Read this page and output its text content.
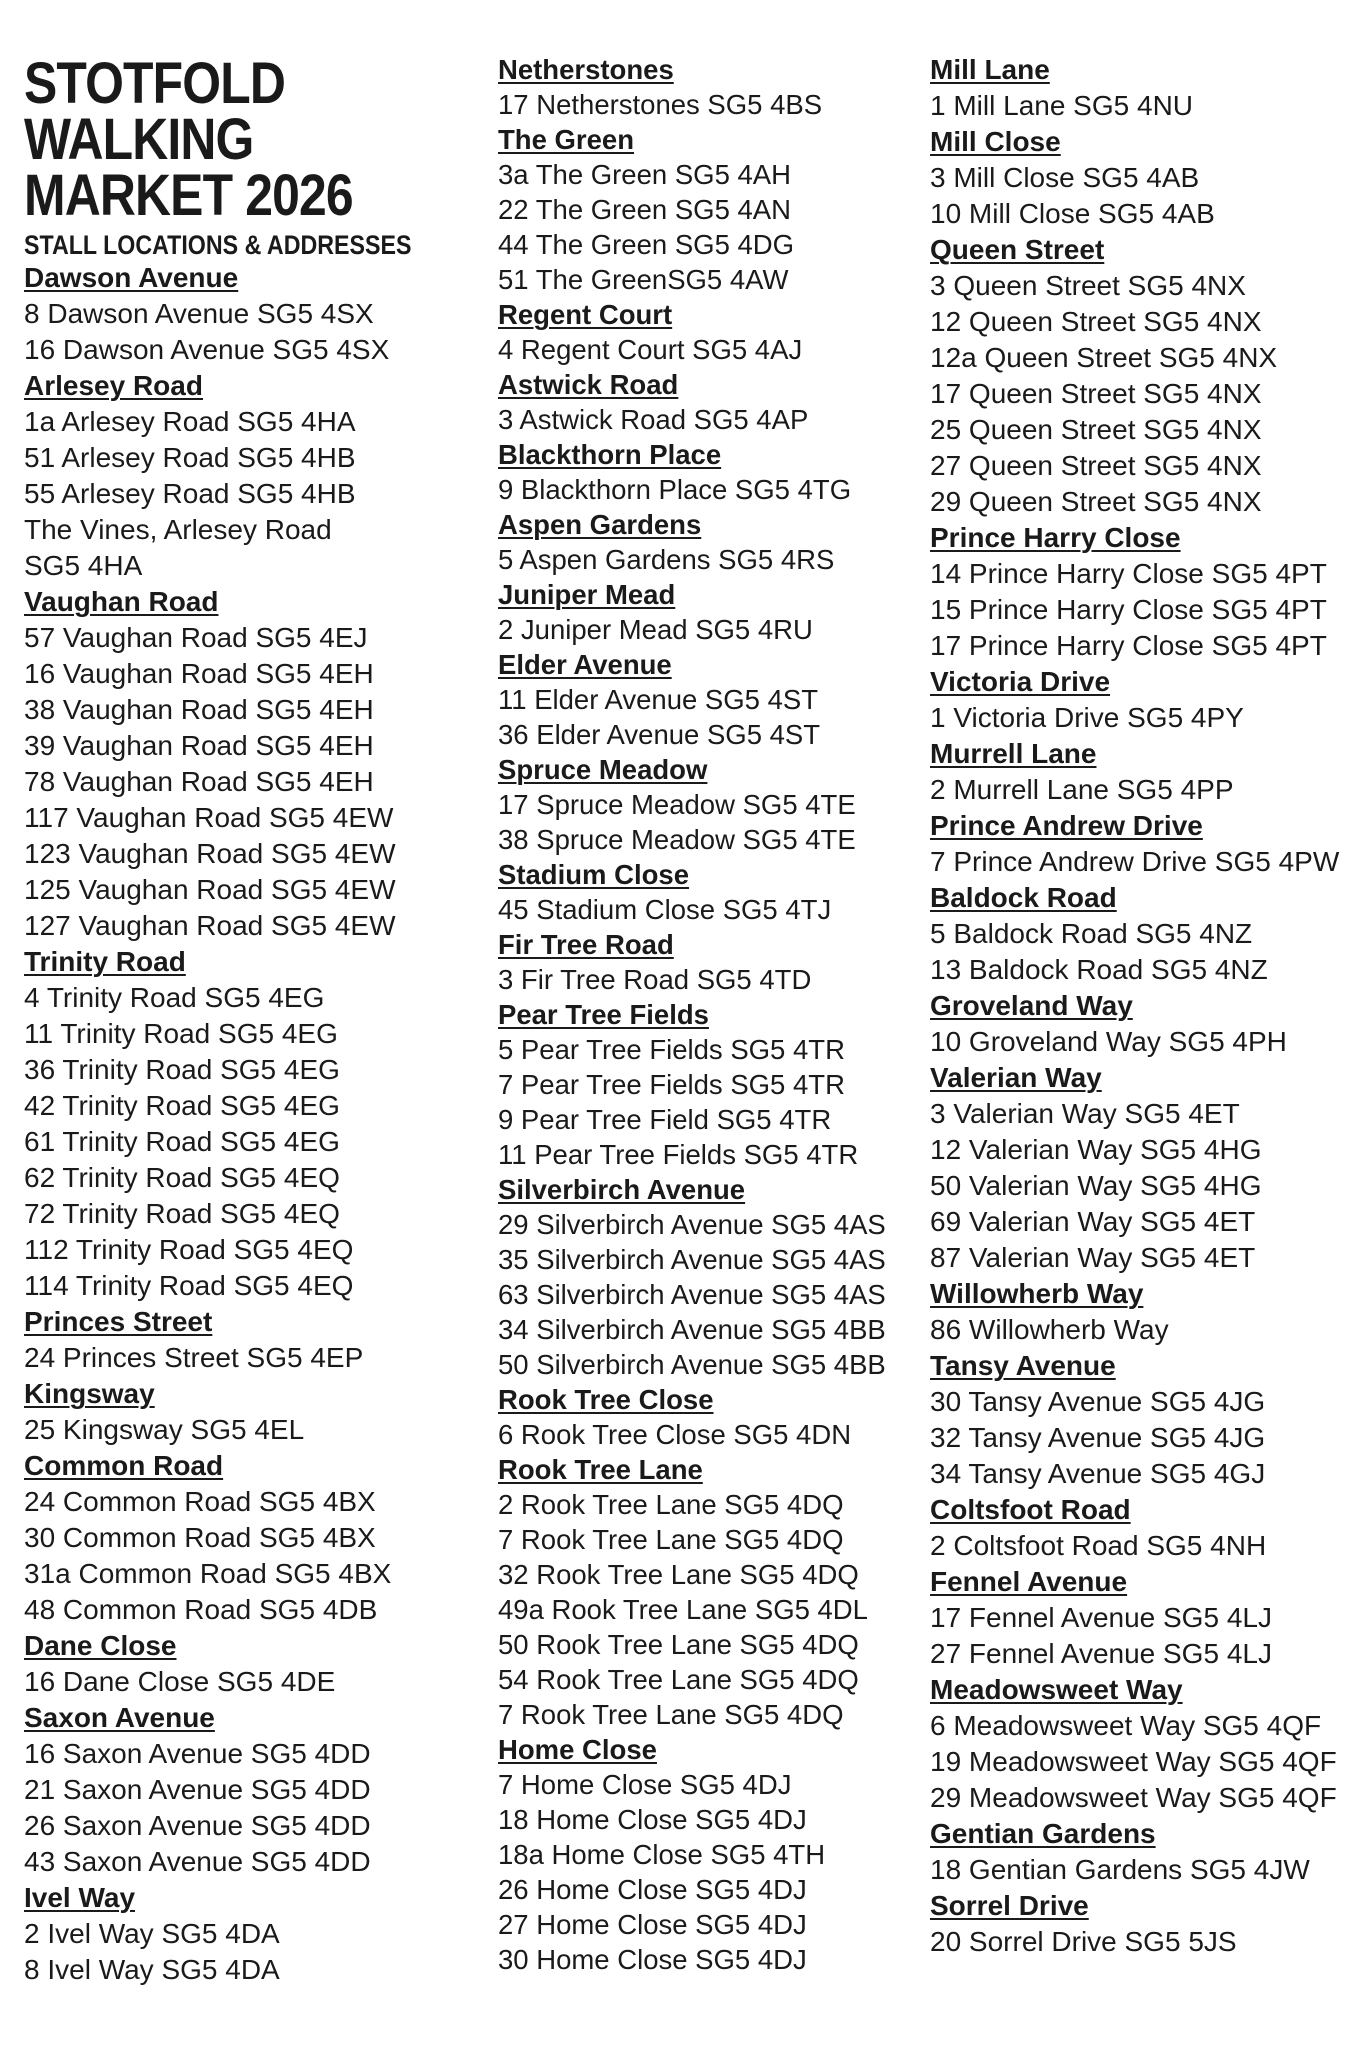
STOTFOLD WALKING MARKET 2026
STALL LOCATIONS & ADDRESSES
Dawson Avenue

8 Dawson Avenue SG5 4SX

16 Dawson Avenue SG5 4SX

Arlesey Road

1a Arlesey Road SG5 4HA

51 Arlesey Road SG5 4HB

55 Arlesey Road SG5 4HB

The Vines, Arlesey Road SG5 4HA

Vaughan Road

57 Vaughan Road SG5 4EJ

16 Vaughan Road SG5 4EH

38 Vaughan Road SG5 4EH

39 Vaughan Road SG5 4EH

78 Vaughan Road SG5 4EH

117 Vaughan Road SG5 4EW

123 Vaughan Road SG5 4EW

125 Vaughan Road SG5 4EW

127 Vaughan Road SG5 4EW

Trinity Road

4 Trinity Road SG5 4EG

11 Trinity Road SG5 4EG

36 Trinity Road SG5 4EG

42 Trinity Road SG5 4EG

61 Trinity Road SG5 4EG

62 Trinity Road SG5 4EQ

72 Trinity Road SG5 4EQ

112 Trinity Road SG5 4EQ

114 Trinity Road SG5 4EQ

Princes Street

24 Princes Street SG5 4EP

Kingsway

25 Kingsway SG5 4EL

Common Road

24 Common Road SG5 4BX

30 Common Road SG5 4BX

31a Common Road SG5 4BX

48 Common Road SG5 4DB

Dane Close

16 Dane Close SG5 4DE

Saxon Avenue

16 Saxon Avenue SG5 4DD

21 Saxon Avenue SG5 4DD

26 Saxon Avenue SG5 4DD

43 Saxon Avenue SG5 4DD

Ivel Way

2 Ivel Way SG5 4DA

8 Ivel Way SG5 4DA

Netherstones

17 Netherstones SG5 4BS

The Green

3a The Green SG5 4AH

22 The Green SG5 4AN

44 The Green SG5 4DG

51 The GreenSG5 4AW

Regent Court

4 Regent Court SG5 4AJ

Astwick Road

3 Astwick Road SG5 4AP

Blackthorn Place

9 Blackthorn Place SG5 4TG

Aspen Gardens

5 Aspen Gardens SG5 4RS

Juniper Mead

2 Juniper Mead SG5 4RU

Elder Avenue

11 Elder Avenue SG5 4ST

36 Elder Avenue SG5 4ST

Spruce Meadow

17 Spruce Meadow SG5 4TE

38 Spruce Meadow SG5 4TE

Stadium Close

45 Stadium Close SG5 4TJ

Fir Tree Road

3 Fir Tree Road SG5 4TD

Pear Tree Fields

5 Pear Tree Fields SG5 4TR

7 Pear Tree Fields SG5 4TR

9 Pear Tree Field SG5 4TR

11 Pear Tree Fields SG5 4TR

Silverbirch Avenue

29 Silverbirch Avenue SG5 4AS

35 Silverbirch Avenue SG5 4AS

63 Silverbirch Avenue SG5 4AS

34 Silverbirch Avenue SG5 4BB

50 Silverbirch Avenue SG5 4BB

Rook Tree Close

6 Rook Tree Close SG5 4DN

Rook Tree Lane

2 Rook Tree Lane SG5 4DQ

7 Rook Tree Lane SG5 4DQ

32 Rook Tree Lane SG5 4DQ

49a Rook Tree Lane SG5 4DL

50 Rook Tree Lane SG5 4DQ

54 Rook Tree Lane SG5 4DQ

7 Rook Tree Lane SG5 4DQ

Home Close

7 Home Close SG5 4DJ

18 Home Close SG5 4DJ

18a Home Close SG5 4TH

26 Home Close SG5 4DJ

27 Home Close SG5 4DJ

30 Home Close SG5 4DJ

Mill Lane

1 Mill Lane SG5 4NU

Mill Close

3 Mill Close SG5 4AB

10 Mill Close SG5 4AB

Queen Street

3 Queen Street SG5 4NX

12 Queen Street SG5 4NX

12a Queen Street SG5 4NX

17 Queen Street SG5 4NX

25 Queen Street SG5 4NX

27 Queen Street SG5 4NX

29 Queen Street SG5 4NX

Prince Harry Close

14 Prince Harry Close SG5 4PT

15 Prince Harry Close SG5 4PT

17 Prince Harry Close SG5 4PT

Victoria Drive

1 Victoria Drive SG5 4PY

Murrell Lane

2 Murrell Lane SG5 4PP

Prince Andrew Drive

7 Prince Andrew Drive SG5 4PW

Baldock Road

5 Baldock Road SG5 4NZ

13 Baldock Road SG5 4NZ

Groveland Way

10 Groveland Way SG5 4PH

Valerian Way

3 Valerian Way SG5 4ET

12 Valerian Way SG5 4HG

50 Valerian Way SG5 4HG

69 Valerian Way SG5 4ET

87 Valerian Way SG5 4ET

Willowherb Way

86 Willowherb Way

Tansy Avenue

30 Tansy Avenue SG5 4JG

32 Tansy Avenue SG5 4JG

34 Tansy Avenue SG5 4GJ

Coltsfoot Road

2 Coltsfoot Road SG5 4NH

Fennel Avenue

17 Fennel Avenue SG5 4LJ

27 Fennel Avenue SG5 4LJ

Meadowsweet Way

6 Meadowsweet Way SG5 4QF

19 Meadowsweet Way SG5 4QF

29 Meadowsweet Way SG5 4QF

Gentian Gardens

18 Gentian Gardens SG5 4JW

Sorrel Drive

20 Sorrel Drive SG5 5JS
